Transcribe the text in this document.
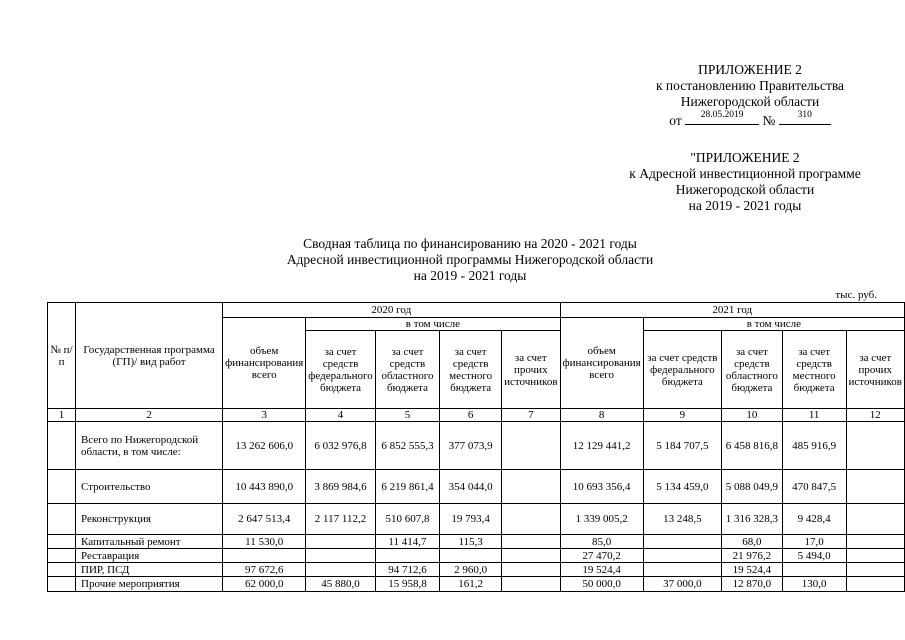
ПРИЛОЖЕНИЕ 2
к постановлению Правительства
Нижегородской области
от	28.05.2019	№	310
"ПРИЛОЖЕНИЕ 2
к Адресной инвестиционной программе
Нижегородской области
на 2019 - 2021 годы
Сводная таблица по финансированию на 2020 - 2021 годы
Адресной инвестиционной программы Нижегородской области
на 2019 - 2021 годы
тыс. руб.
№ п/п	Государственная программа (ГП)/ вид работ	2020 год					2021 год				
		объем финансирования всего	в том числе				объем финансирования всего	в том числе			
			за счет средств федерального бюджета	за счет средств областного бюджета	за счет средств местного бюджета	за счет прочих источников		за счет средств федерального бюджета	за счет средств областного бюджета	за счет средств местного бюджета	за счет прочих источников
1	2	3	4	5	6	7	8	9	10	11	12
	Всего по Нижегородской области, в том числе:	13 262 606,0	6 032 976,8	6 852 555,3	377 073,9		12 129 441,2	5 184 707,5	6 458 816,8	485 916,9	
	Строительство	10 443 890,0	3 869 984,6	6 219 861,4	354 044,0		10 693 356,4	5 134 459,0	5 088 049,9	470 847,5	
	Реконструкция	2 647 513,4	2 117 112,2	510 607,8	19 793,4		1 339 005,2	13 248,5	1 316 328,3	9 428,4	
	Капитальный ремонт	11 530,0		11 414,7	115,3		85,0		68,0	17,0	
	Реставрация						27 470,2		21 976,2	5 494,0	
	ПИР, ПСД	97 672,6		94 712,6	2 960,0		19 524,4		19 524,4		
	Прочие мероприятия	62 000,0	45 880,0	15 958,8	161,2		50 000,0	37 000,0	12 870,0	130,0	
